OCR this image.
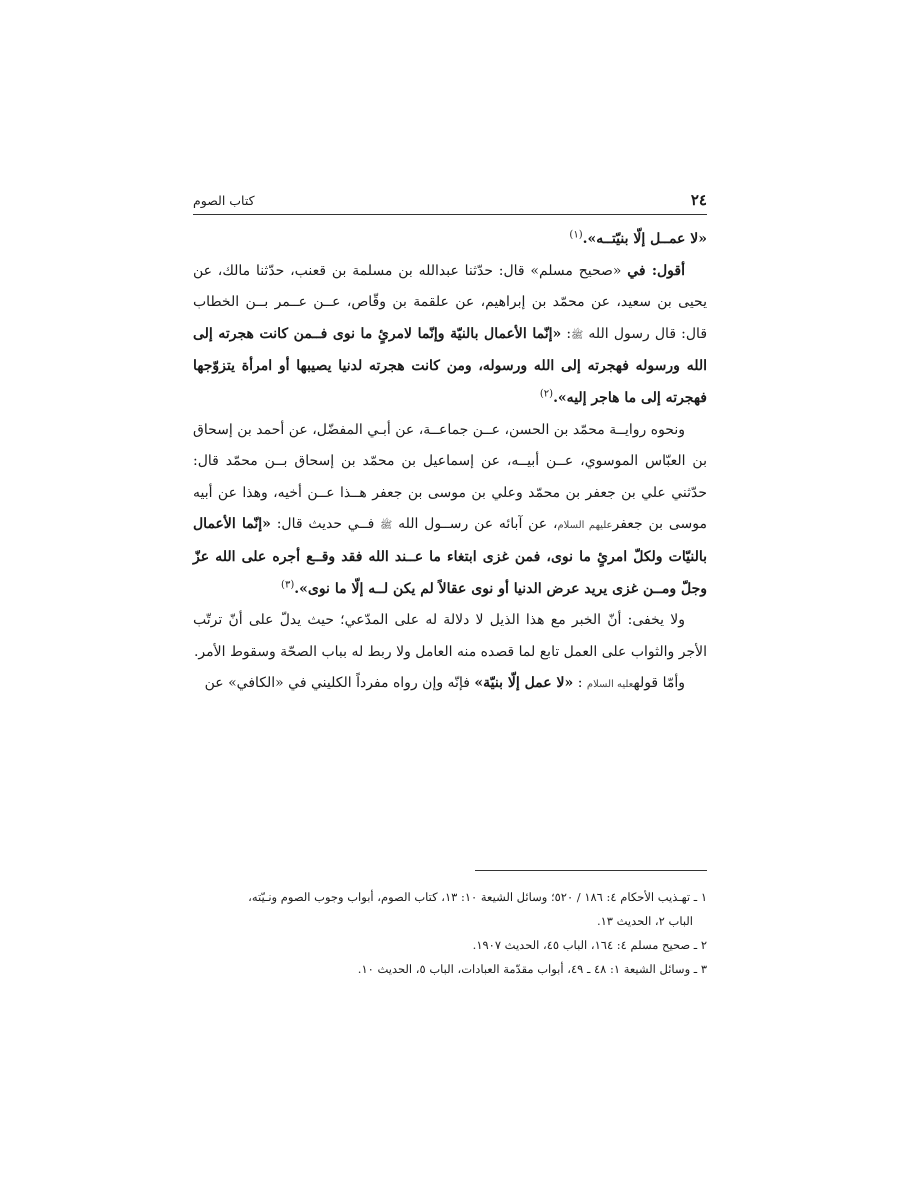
٢٤
كتاب الصوم

«لا عمــل إلّا بنيّتــه».$^{(١)}$

أقول: في «صحيح مسلم» قال: حدّثنا عبدالله بن مسلمة بن قعنب، حدّثنا مالك، عن يحيى بن سعيد، عن محمّد بن إبراهيم، عن علقمة بن وقّاص، عــن عــمر بــن الخطاب قال: قال رسول الله ﷺ: «إنّما الأعمال بالنيّة وإنّما لامرئٍ ما نوى فــمن كانت هجرته إلى الله ورسوله فهجرته إلى الله ورسوله، ومن كانت هجرته لدنيا يصيبها أو امرأة يتزوّجها فهجرته إلى ما هاجر إليه».$^{(٢)}$

ونحوه روايــة محمّد بن الحسن، عــن جماعــة، عن أبـي المفضّل، عن أحمد بن إسحاق بن العبّاس الموسوي، عــن أبيــه، عن إسماعيل بن محمّد بن إسحاق بــن محمّد قال: حدّثني علي بن جعفر بن محمّد وعلي بن موسى بن جعفر هــذا عــن أخيه، وهذا عن أبيه موسى بن جعفرعليهم السلام، عن آبائه عن رســول الله ﷺ فــي حديث قال: «إنّما الأعمال بالنيّات ولكلّ امرئٍ ما نوى، فمن غزى ابتغاء ما عــند الله فقد وقــع أجره على الله عزّ وجلّ ومــن غزى يريد عرض الدنيا أو نوى عقالاً لم يكن لــه إلّا ما نوى».$^{(٣)}$

ولا يخفى: أنّ الخبر مع هذا الذيل لا دلالة له على المدّعي؛ حيث يدلّ على أنّ ترتّب الأجر والثواب على العمل تابع لما قصده منه العامل ولا ربط له بباب الصحّة وسقوط الأمر.

وأمّا قولهعليه السلام : «لا عمل إلّا بنيّة» فإنّه وإن رواه مفرداً الكليني في «الكافي» عن

١ ـ تهـذيب الأحكام ٤: ١٨٦ / ٥٢٠؛ وسائل الشيعة ١٠: ١٣، كتاب الصوم، أبواب وجوب الصوم ونـيّته،

الباب ٢، الحديث ١٣.

٢ ـ صحيح مسلم ٤: ١٦٤، الباب ٤٥، الحديث ١٩٠٧.

٣ ـ وسائل الشيعة ١: ٤٨ ـ ٤٩، أبواب مقدّمة العبادات، الباب ٥، الحديث ١٠.
